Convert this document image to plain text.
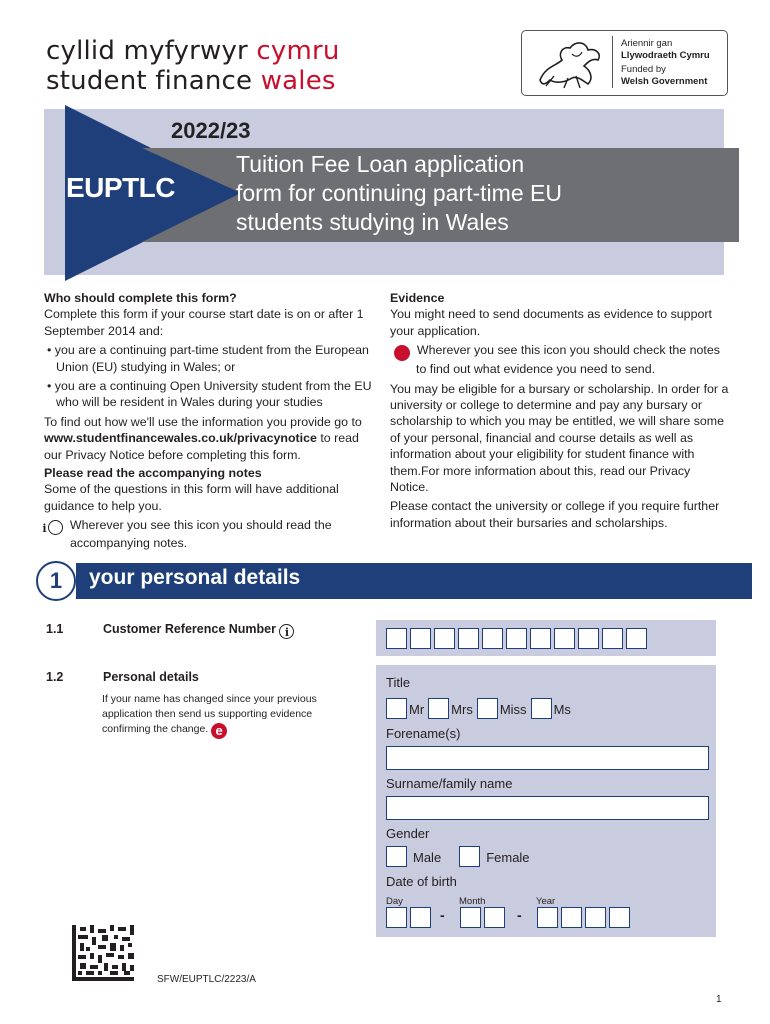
cyllid myfyrwyr cymru
student finance wales
Ariennir gan
Llywodraeth Cymru
Funded by
Welsh Government
2022/23
EUPTLC
Tuition Fee Loan application
form for continuing part-time EU
students studying in Wales

Who should complete this form?

Complete this form if your course start date is on or after 1 September 2014 and:

• you are a continuing part-time student from the European Union (EU) studying in Wales; or

• you are a continuing Open University student from the EU who will be resident in Wales during your studies

To find out how we'll use the information you provide go to www.studentfinancewales.co.uk/privacynotice to read our Privacy Notice before completing this form.

Please read the accompanying notes

Some of the questions in this form will have additional guidance to help you.

i Wherever you see this icon you should read the accompanying notes.

Evidence

You might need to send documents as evidence to support your application.

e Wherever you see this icon you should check the notes to find out what evidence you need to send.

You may be eligible for a bursary or scholarship. In order for a university or college to determine and pay any bursary or scholarship to which you may be entitled, we will share some of your personal, financial and course details as well as information about your eligibility for student finance with them.For more information about this, read our Privacy Notice.

Please contact the university or college if you require further information about their bursaries and scholarships.

1	your personal details
1.1	Customer Reference Number i
1.2	Personal details
If your name has changed since your previous application then send us supporting evidence confirming the change. e
Title
Mr Mrs Miss Ms
Forename(s)
Surname/family name
Gender
Male	Female
Date of birth
Day	Month	Year
-	-
SFW/EUPTLC/2223/A
1
